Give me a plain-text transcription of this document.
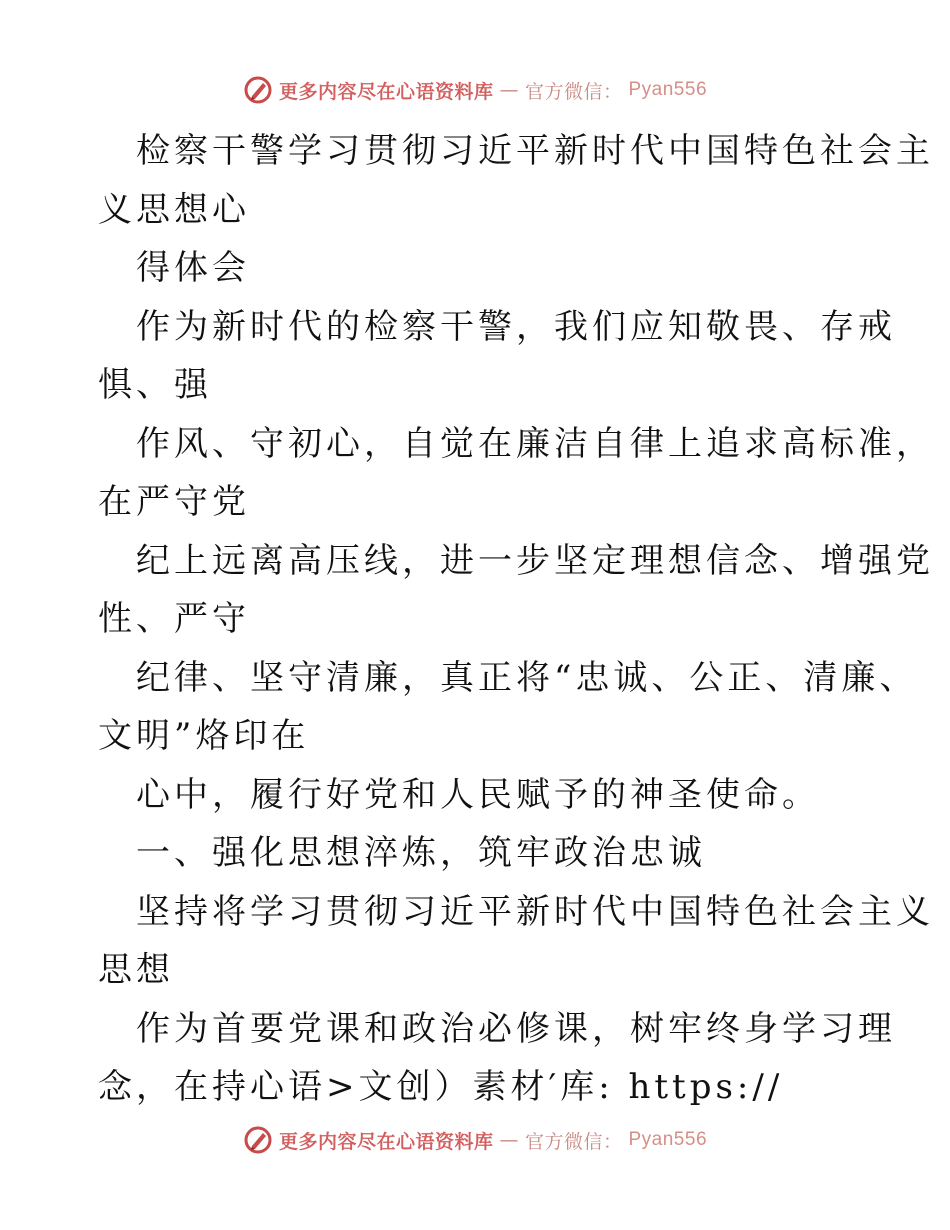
更多内容尽在心语资料库 — 官方微信： Pyan556
检察干警学习贯彻习近平新时代中国特色社会主
义思想心
得体会
作为新时代的检察干警，我们应知敬畏、存戒
惧、强
作风、守初心，自觉在廉洁自律上追求高标准，
在严守党
纪上远离高压线，进一步坚定理想信念、增强党
性、严守
纪律、坚守清廉，真正将“忠诚、公正、清廉、
文明”烙印在
心中，履行好党和人民赋予的神圣使命。
一、强化思想淬炼，筑牢政治忠诚
坚持将学习贯彻习近平新时代中国特色社会主义
思想
作为首要党课和政治必修课，树牢终身学习理
念，在持心语>文创）素材′库: https://
更多内容尽在心语资料库 — 官方微信： Pyan556
